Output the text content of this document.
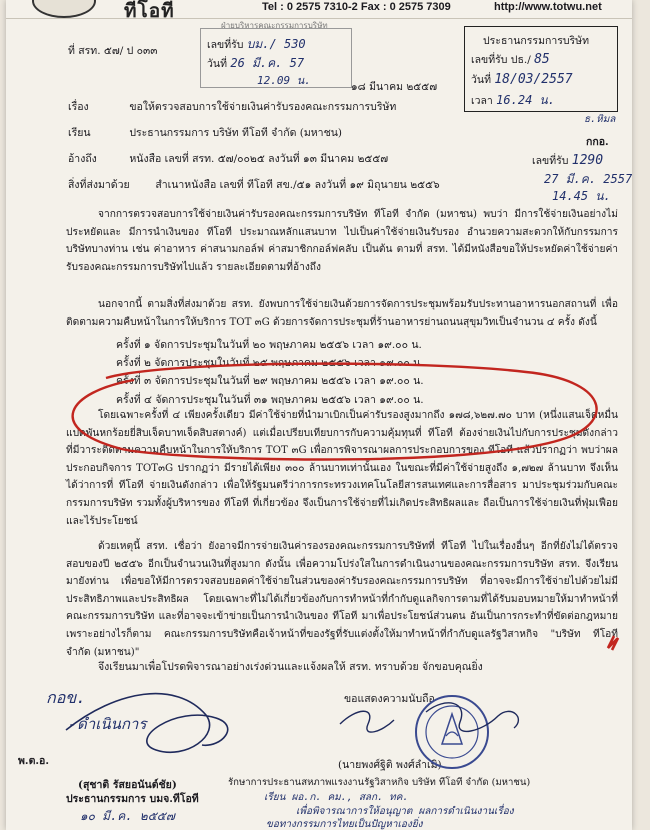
ทีโอที	Tel : 0 2575 7310-2 Fax : 0 2575 7309	http://www.totwu.net
ฝ่ายบริหารคณะกรรมการบริษัท
ที่ สรท. ๕๗/ ป ๐๓๓	เลขที่รับ บม./ 530
วันที่ 26 มี.ค. 57
12.09 น.	๑๘ มีนาคม ๒๕๕๗
ประธานกรรมการบริษัท
เลขที่รับ ปธ./ 85
วันที่ 18/03/2557
เวลา 16.24 น.
ธ.หิมล
กกอ.
เลขที่รับ 1290
27 มี.ค. 2557
14.45 น.
เรื่อง	ขอให้ตรวจสอบการใช้จ่ายเงินค่ารับรองคณะกรรมการบริษัท
เรียน	ประธานกรรมการ บริษัท ทีโอที จำกัด (มหาชน)
อ้างถึง	หนังสือ เลขที่ สรท. ๕๗/๐๐๒๕ ลงวันที่ ๑๓ มีนาคม ๒๕๕๗
สิ่งที่ส่งมาด้วย สำเนาหนังสือ เลขที่ ทีโอที สข./๕๑ ลงวันที่ ๑๙ มิถุนายน ๒๕๕๖

จากการตรวจสอบการใช้จ่ายเงินค่ารับรองคณะกรรมการบริษัท ทีโอที จำกัด (มหาชน) พบว่า มีการใช้จ่ายเงินอย่างไม่ประหยัดและ มีการนำเงินของ ทีโอที ประมาณหลักแสนบาท ไปเป็นค่าใช้จ่ายเงินรับรอง อำนวยความสะดวกให้กับกรรมการบริษัทบางท่าน เช่น ค่าอาหาร ค่าสนามกอล์ฟ ค่าสมาชิกกอล์ฟคลับ เป็นต้น ตามที่ สรท. ได้มีหนังสือขอให้ประหยัดค่าใช้จ่ายค่ารับรองคณะกรรมการบริษัทไปแล้ว รายละเอียดตามที่อ้างถึง

นอกจากนี้ ตามสิ่งที่ส่งมาด้วย สรท. ยังพบการใช้จ่ายเงินด้วยการจัดการประชุมพร้อมรับประทานอาหารนอกสถานที่ เพื่อติดตามความคืบหน้าในการให้บริการ TOT ๓G ด้วยการจัดการประชุมที่ร้านอาหารย่านถนนสุขุมวิทเป็นจำนวน ๔ ครั้ง ดังนี้

ครั้งที่ ๑ จัดการประชุมในวันที่ ๒๐ พฤษภาคม ๒๕๕๖ เวลา ๑๙.๐๐ น.
ครั้งที่ ๒ จัดการประชุมในวันที่ ๒๕ พฤษภาคม ๒๕๕๖ เวลา ๑๙.๐๐ น.
ครั้งที่ ๓ จัดการประชุมในวันที่ ๒๙ พฤษภาคม ๒๕๕๖ เวลา ๑๙.๐๐ น.
ครั้งที่ ๔ จัดการประชุมในวันที่ ๓๑ พฤษภาคม ๒๕๕๖ เวลา ๑๙.๐๐ น.

โดยเฉพาะครั้งที่ ๔ เพียงครั้งเดียว มีค่าใช้จ่ายที่นำมาเบิกเป็นค่ารับรองสูงมากถึง ๑๗๘,๖๒๗.๗๐ บาท (หนึ่งแสนเจ็ดหมื่นแปดพันหกร้อยยี่สิบเจ็ดบาทเจ็ดสิบสตางค์) แต่เมื่อเปรียบเทียบการกับความคุ้มทุนที่ ทีโอที ต้องจ่ายเงินไปกับการประชุมดังกล่าว ที่มีวาระติดตามความคืบหน้าในการให้บริการ TOT ๓G เพื่อการพิจารณาผลการประกอบการของ ทีโอที แล้วปรากฏว่า พบว่าผลประกอบกิจการ TOT๓G ปรากฏว่า มีรายได้เพียง ๓๐๐ ล้านบาทเท่านั้นเอง ในขณะที่มีค่าใช้จ่ายสูงถึง ๑,๗๒๗ ล้านบาท จึงเห็นได้ว่าการที่ ทีโอที จ่ายเงินดังกล่าว เพื่อให้รัฐมนตรีว่าการกระทรวงเทคโนโลยีสารสนเทศและการสื่อสาร มาประชุมร่วมกับคณะกรรมการบริษัท รวมทั้งผู้บริหารของ ทีโอที ที่เกี่ยวข้อง จึงเป็นการใช้จ่ายที่ไม่เกิดประสิทธิผลและ ถือเป็นการใช้จ่ายเงินที่ฟุ่มเฟือยและไร้ประโยชน์

ด้วยเหตุนี้ สรท. เชื่อว่า ยังอาจมีการจ่ายเงินค่ารองรองคณะกรรมการบริษัทที่ ทีโอที ไปในเรื่องอื่นๆ อีกที่ยังไม่ได้ตรวจสอบของปี ๒๕๕๖ อีกเป็นจำนวนเงินที่สูงมาก ดังนั้น เพื่อความโปร่งใสในการดำเนินงานของคณะกรรมการบริษัท สรท. จึงเรียนมายังท่าน เพื่อขอให้มีการตรวจสอบยอดค่าใช้จ่ายในส่วนของค่ารับรองคณะกรรมการบริษัท ที่อาจจะมีการใช้จ่ายไปด้วยไม่มีประสิทธิภาพและประสิทธิผล โดยเฉพาะที่ไม่ได้เกี่ยวข้องกับการทำหน้าที่กำกับดูแลกิจการตามที่ได้รับมอบหมายให้มาทำหน้าที่คณะกรรมการบริษัท และที่อาจจะเข้าข่ายเป็นการนำเงินของ ทีโอที มาเพื่อประโยชน์ส่วนตน อันเป็นการกระทำที่ขัดต่อกฎหมาย เพราะอย่างไรก็ตาม คณะกรรมการบริษัทคือเจ้าหน้าที่ของรัฐที่รับแต่งตั้งให้มาทำหน้าที่กำกับดูแลรัฐวิสาหกิจ "บริษัท ทีโอที จำกัด (มหาชน)"

จึงเรียนมาเพื่อโปรดพิจารณาอย่างเร่งด่วนและแจ้งผลให้ สรท. ทราบด้วย จักขอบคุณยิ่ง
ขอแสดงความนับถือ
(นายพงศ์ฐิติ พงศ์ลำเมิ)
รักษาการประธานสหภาพแรงงานรัฐวิสาหกิจ บริษัท ทีโอที จำกัด (มหาชน)
เรียน ผอ.ก. คม., สลก. ทค.
เพื่อพิจารณาการให้อนุญาต ผลการดำเนินงานเรื่อง
ขอทางกรรมการไทยเป็นปัญหาเองยิ่ง
กอข.
-ดำเนินการ
พ.ต.อ.
(สุชาติ รัสยอนันต์ชัย)
ประธานกรรมการ บมจ.ทีโอที
๑๐ มี.ค. ๒๕๕๗
